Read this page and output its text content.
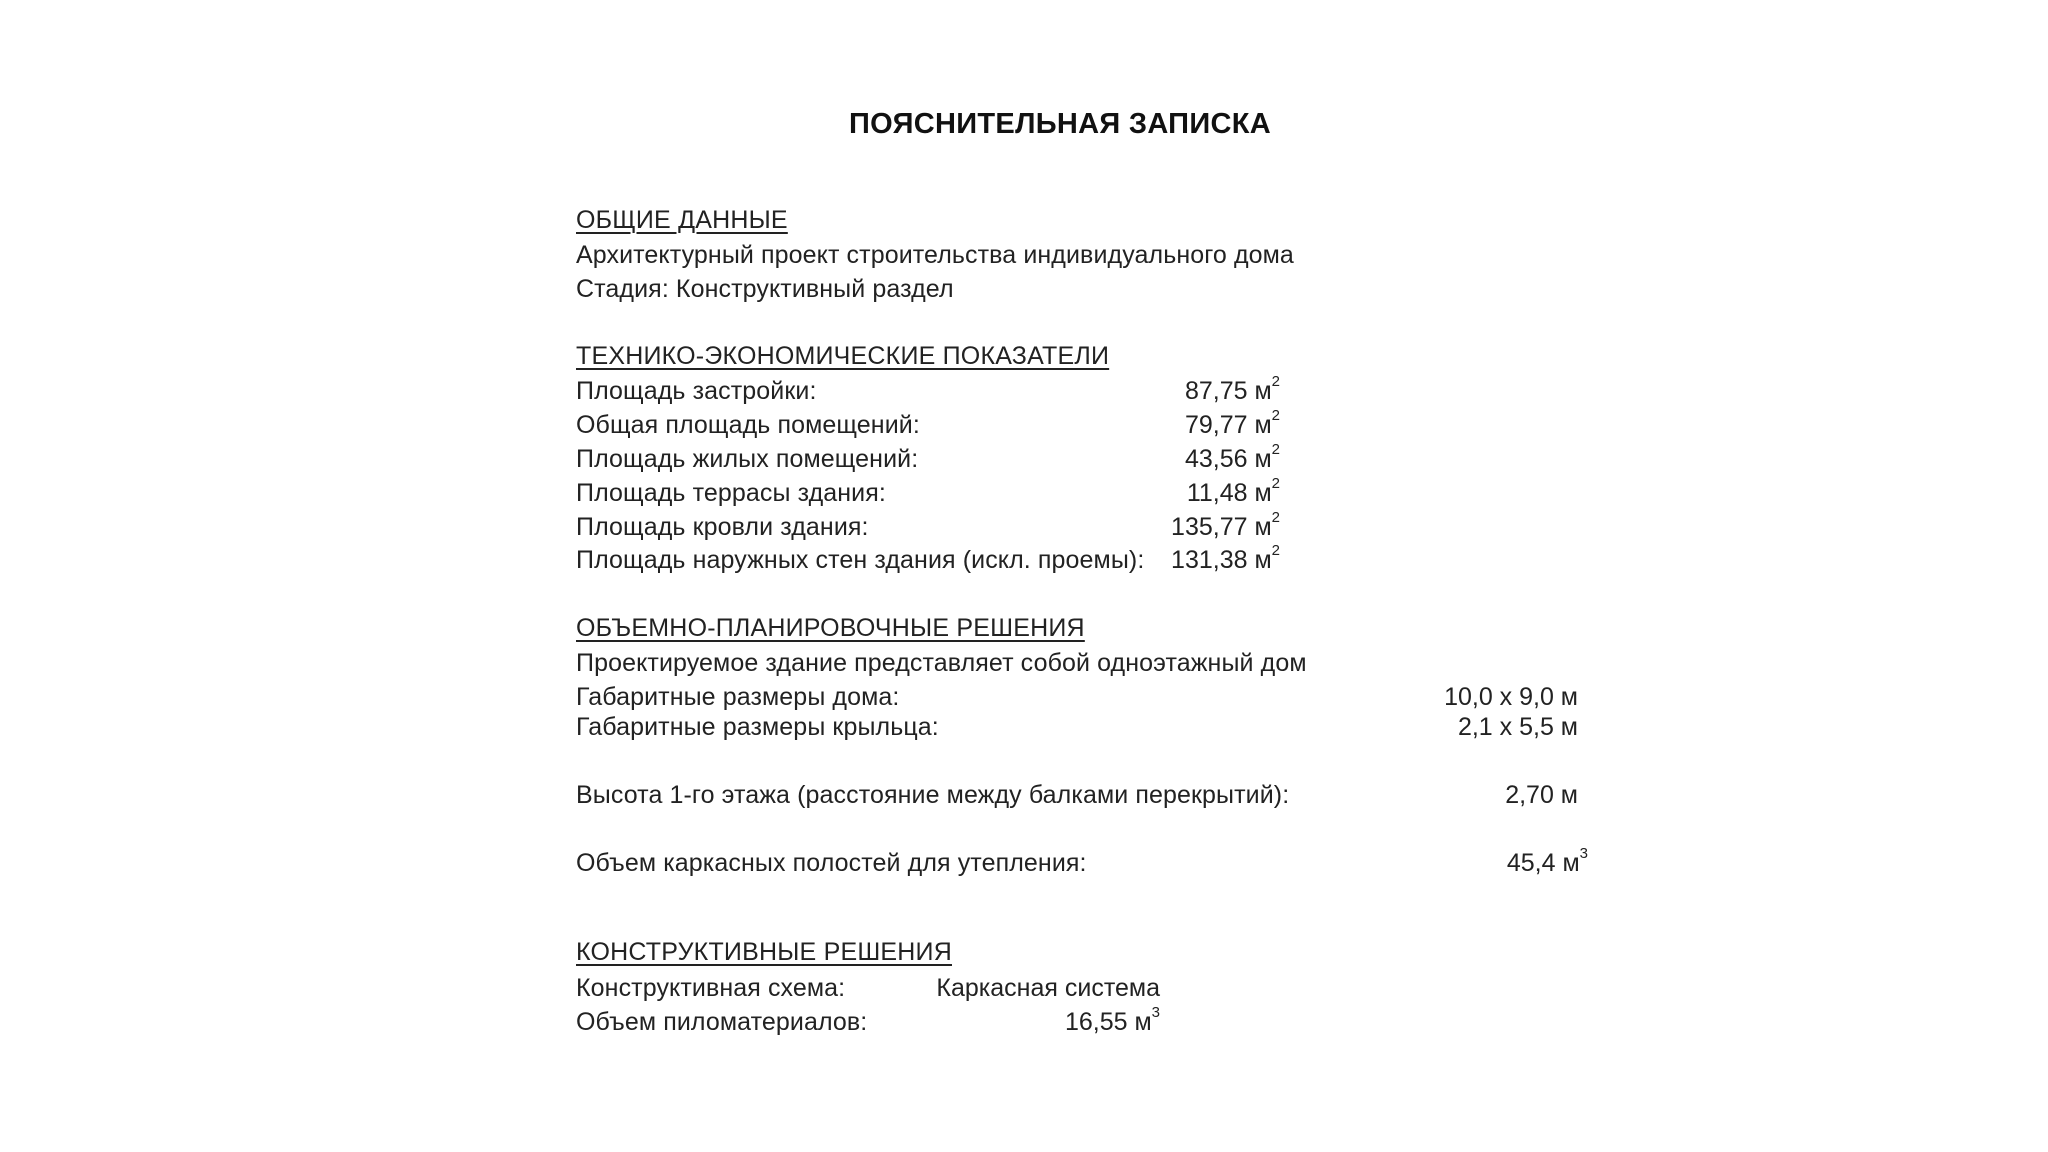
ПОЯСНИТЕЛЬНАЯ ЗАПИСКА
ОБЩИЕ ДАННЫЕ
Архитектурный проект строительства индивидуального дома
Стадия: Конструктивный раздел
ТЕХНИКО-ЭКОНОМИЧЕСКИЕ ПОКАЗАТЕЛИ
Площадь застройки:	87,75 $м^2$
Общая площадь помещений:	79,77 $м^2$
Площадь жилых помещений:	43,56 $м^2$
Площадь террасы здания:	11,48 $м^2$
Площадь кровли здания:	135,77 $м^2$
Площадь наружных стен здания (искл. проемы): 131,38 $м^2$
ОБЪЕМНО-ПЛАНИРОВОЧНЫЕ РЕШЕНИЯ
Проектируемое здание представляет собой одноэтажный дом
Габаритные размеры дома:	10,0 х 9,0 м
Габаритные размеры крыльца:	2,1 х 5,5 м
Высота 1-го этажа (расстояние между балками перекрытий):	2,70 м
Объем каркасных полостей для утепления:	45,4 $м^3$
КОНСТРУКТИВНЫЕ РЕШЕНИЯ
Конструктивная схема:	Каркасная система
Объем пиломатериалов:	16,55 $м^3$
